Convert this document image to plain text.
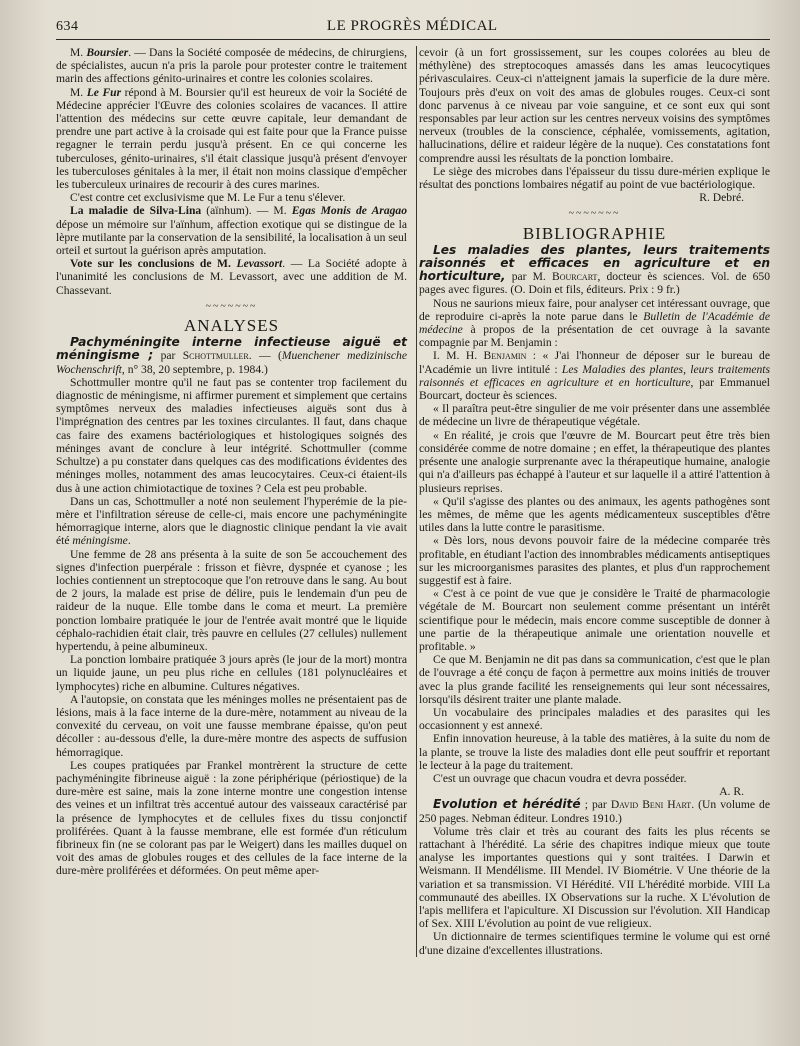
634	LE PROGRÈS MÉDICAL

M. Boursier. — Dans la Société composée de médecins, de chirurgiens, de spécialistes, aucun n'a pris la parole pour protester contre le traitement marin des affections génito-urinaires et contre les colonies scolaires.

M. Le Fur répond à M. Boursier qu'il est heureux de voir la Société de Médecine apprécier l'Œuvre des colonies scolaires de vacances. Il attire l'attention des médecins sur cette œuvre capitale, leur demandant de prendre une part active à la croisade qui est faite pour que la France puisse regagner le terrain perdu jusqu'à présent. En ce qui concerne les tuberculoses, génito-urinaires, s'il était classique jusqu'à présent d'envoyer les tuberculoses génitales à la mer, il était non moins classique d'empêcher les tuberculeux urinaires de recourir à des cures marines.

C'est contre cet exclusivisme que M. Le Fur a tenu s'élever.

La maladie de Silva-Lina (aïnhum). — M. Egas Monis de Aragao dépose un mémoire sur l'aïnhum, affection exotique qui se distingue de la lèpre mutilante par la conservation de la sensibilité, la localisation à un seul orteil et surtout la guérison après amputation.

Vote sur les conclusions de M. Levassort. — La Société adopte à l'unanimité les conclusions de M. Levassort, avec une addition de M. Chassevant.

~~~~~~~
ANALYSES

Pachyméningite interne infectieuse aiguë et méningisme ; par Schottmuller. — (Muenchener medizinische Wochenschrift, n° 38, 20 septembre, p. 1984.)

Schottmuller montre qu'il ne faut pas se contenter trop facilement du diagnostic de méningisme, ni affirmer purement et simplement que certains symptômes nerveux des maladies infectieuses aiguës sont dus à l'imprégnation des centres par les toxines circulantes. Il faut, dans chaque cas faire des examens bactériologiques et histologiques soignés des méninges avant de conclure à leur intégrité. Schottmuller (comme Schultze) a pu constater dans quelques cas des modifications évidentes des méninges molles, notamment des amas leucocytaires. Ceux-ci étaient-ils dus à une action chimiotactique de toxines ? Cela est peu probable.

Dans un cas, Schottmuller a noté non seulement l'hyperémie de la pie-mère et l'infiltration séreuse de celle-ci, mais encore une pachyméningite hémorragique interne, alors que le diagnostic clinique pendant la vie avait été méningisme.

Une femme de 28 ans présenta à la suite de son 5e accouchement des signes d'infection puerpérale : frisson et fièvre, dyspnée et cyanose ; les lochies contiennent un streptocoque que l'on retrouve dans le sang. Au bout de 2 jours, la malade est prise de délire, puis le lendemain d'un peu de raideur de la nuque. Elle tombe dans le coma et meurt. La première ponction lombaire pratiquée le jour de l'entrée avait montré que le liquide céphalo-rachidien était clair, très pauvre en cellules (27 cellules) nullement hypertendu, à peine albumineux.

La ponction lombaire pratiquée 3 jours après (le jour de la mort) montra un liquide jaune, un peu plus riche en cellules (181 polynucléaires et lymphocytes) riche en albumine. Cultures négatives.

A l'autopsie, on constata que les méninges molles ne présentaient pas de lésions, mais à la face interne de la dure-mère, notamment au niveau de la convexité du cerveau, on voit une fausse membrane épaisse, qu'on peut décoller : au-dessous d'elle, la dure-mère montre des aspects de suffusion hémorragique.

Les coupes pratiquées par Frankel montrèrent la structure de cette pachyméningite fibrineuse aiguë : la zone périphérique (périostique) de la dure-mère est saine, mais la zone interne montre une congestion intense des veines et un infiltrat très accentué autour des vaisseaux caractérisé par la présence de lymphocytes et de cellules fixes du tissu conjonctif proliférées. Quant à la fausse membrane, elle est formée d'un réticulum fibrineux fin (ne se colorant pas par le Weigert) dans les mailles duquel on voit des amas de globules rouges et des cellules de la face interne de la dure-mère proliférées et déformées. On peut même aper-

cevoir (à un fort grossissement, sur les coupes colorées au bleu de méthylène) des streptocoques amassés dans les amas leucocytiques périvasculaires. Ceux-ci n'atteignent jamais la superficie de la dure mère. Toujours près d'eux on voit des amas de globules rouges. Ceux-ci sont donc parvenus à ce niveau par voie sanguine, et ce sont eux qui sont responsables par leur action sur les centres nerveux voisins des symptômes nerveux (troubles de la conscience, céphalée, vomissements, agitation, hallucinations, délire et raideur légère de la nuque). Ces constatations font comprendre aussi les résultats de la ponction lombaire.

Le siège des microbes dans l'épaisseur du tissu dure-mérien explique le résultat des ponctions lombaires négatif au point de vue bactériologique.

R. Debré.
~~~~~~~
BIBLIOGRAPHIE

Les maladies des plantes, leurs traitements raisonnés et efficaces en agriculture et en horticulture, par M. Bourcart, docteur ès sciences. Vol. de 650 pages avec figures. (O. Doin et fils, éditeurs. Prix : 9 fr.)

Nous ne saurions mieux faire, pour analyser cet intéressant ouvrage, que de reproduire ci-après la note parue dans le Bulletin de l'Académie de médecine à propos de la présentation de cet ouvrage à la savante compagnie par M. Benjamin :

I. M. H. Benjamin : « J'ai l'honneur de déposer sur le bureau de l'Académie un livre intitulé : Les Maladies des plantes, leurs traitements raisonnés et efficaces en agriculture et en horticulture, par Emmanuel Bourcart, docteur ès sciences.

« Il paraîtra peut-être singulier de me voir présenter dans une assemblée de médecine un livre de thérapeutique végétale.

« En réalité, je crois que l'œuvre de M. Bourcart peut être très bien considérée comme de notre domaine ; en effet, la thérapeutique des plantes présente une analogie surprenante avec la thérapeutique humaine, analogie qui n'a d'ailleurs pas échappé à l'auteur et sur laquelle il a attiré l'attention à plusieurs reprises.

« Qu'il s'agisse des plantes ou des animaux, les agents pathogènes sont les mêmes, de même que les agents médicamenteux susceptibles d'être utiles dans la lutte contre le parasitisme.

« Dès lors, nous devons pouvoir faire de la médecine comparée très profitable, en étudiant l'action des innombrables médicaments antiseptiques sur les microorganismes parasites des plantes, et plus d'un rapprochement suggestif est à faire.

« C'est à ce point de vue que je considère le Traité de pharmacologie végétale de M. Bourcart non seulement comme présentant un intérêt scientifique pour le médecin, mais encore comme susceptible de donner à une partie de la thérapeutique animale une orientation nouvelle et profitable. »

Ce que M. Benjamin ne dit pas dans sa communication, c'est que le plan de l'ouvrage a été conçu de façon à permettre aux moins initiés de trouver avec la plus grande facilité les renseignements qui leur sont nécessaires, lorsqu'ils désirent traiter une plante malade.

Un vocabulaire des principales maladies et des parasites qui les occasionnent y est annexé.

Enfin innovation heureuse, à la table des matières, à la suite du nom de la plante, se trouve la liste des maladies dont elle peut souffrir et reportant le lecteur à la page du traitement.

C'est un ouvrage que chacun voudra et devra posséder.

A. R.

Evolution et hérédité ; par David Beni Hart. (Un volume de 250 pages. Nebman éditeur. Londres 1910.)

Volume très clair et très au courant des faits les plus récents se rattachant à l'hérédité. La série des chapitres indique mieux que toute analyse les importantes questions qui y sont traitées. I Darwin et Weismann. II Mendélisme. III Mendel. IV Biométrie. V Une théorie de la variation et sa transmission. VI Hérédité. VII L'hérédité morbide. VIII La communauté des abeilles. IX Observations sur la ruche. X L'évolution de l'apis mellifera et l'apiculture. XI Discussion sur l'évolution. XII Handicap of Sex. XIII L'évolution au point de vue religieux.

Un dictionnaire de termes scientifiques termine le volume qui est orné d'une dizaine d'excellentes illustrations.
